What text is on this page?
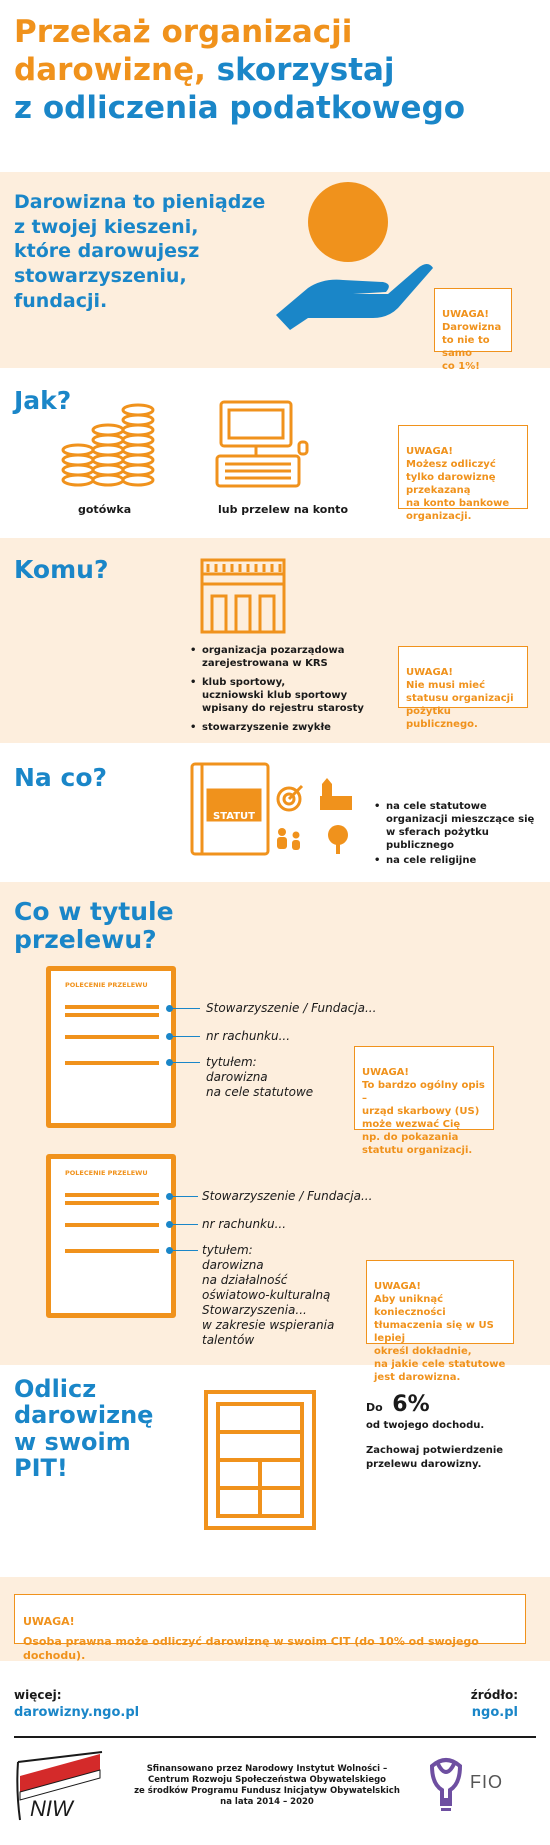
Przekaż organizacji
darowiznę, skorzystaj
z odliczenia podatkowego
Darowizna to pieniądze
z twojej kieszeni,
które darowujesz
stowarzyszeniu,
fundacji.

UWAGA!
Darowizna
to nie to samo
co 1%!

Jak?
gotówka	lub przelew na konto

UWAGA!
Możesz odliczyć
tylko darowiznę
przekazaną
na konto bankowe
organizacji.

Komu?
• organizacja pozarządowa
zarejestrowana w KRS
• klub sportowy,
uczniowski klub sportowy
wpisany do rejestru starosty
• stowarzyszenie zwykłe

UWAGA!
Nie musi mieć
statusu organizacji
pożytku publicznego.

Na co?
STATUT
• na cele statutowe
organizacji mieszczące się
w sferach pożytku
publicznego
• na cele religijne
Co w tytule
przelewu?
POLECENIE PRZELEWU
Stowarzyszenie / Fundacja...
nr rachunku...
tytułem:
darowizna
na cele statutowe

UWAGA!
To bardzo ogólny opis –
urząd skarbowy (US)
może wezwać Cię
np. do pokazania
statutu organizacji.

POLECENIE PRZELEWU
Stowarzyszenie / Fundacja...
nr rachunku...
tytułem:
darowizna
na działalność
oświatowo-kulturalną
Stowarzyszenia...
w zakresie wspierania
talentów

UWAGA!
Aby uniknąć konieczności
tłumaczenia się w US lepiej
określ dokładnie,
na jakie cele statutowe
jest darowizna.

Odlicz
darowiznę
w swoim
PIT!
Do 6%
od twojego dochodu.
Zachowaj potwierdzenie
przelewu darowizny.

UWAGA!
Osoba prawna może odliczyć darowiznę w swoim CIT (do 10% od swojego dochodu).

więcej:
darowizny.ngo.pl
źródło:
ngo.pl
NIW
Sfinansowano przez Narodowy Instytut Wolności –
Centrum Rozwoju Społeczeństwa Obywatelskiego
ze środków Programu Fundusz Inicjatyw Obywatelskich
na lata 2014 – 2020
FIO
